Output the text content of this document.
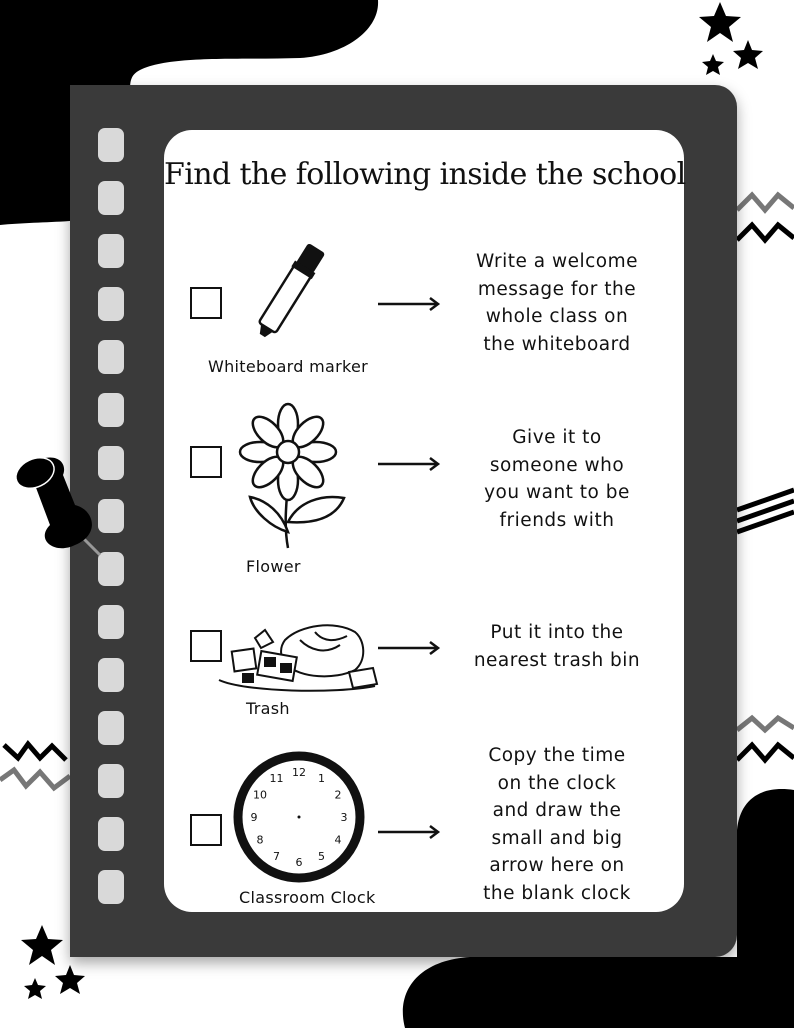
Find the following inside the school
Whiteboard marker
Write a welcome
message for the
whole class on
the whiteboard
Flower
Give it to
someone who
you want to be
friends with
Trash
Put it into the
nearest trash bin
12 1
2
3
4
5
6
7
8
9
10
11
Classroom Clock
Copy the time
on the clock
and draw the
small and big
arrow here on
the blank clock
